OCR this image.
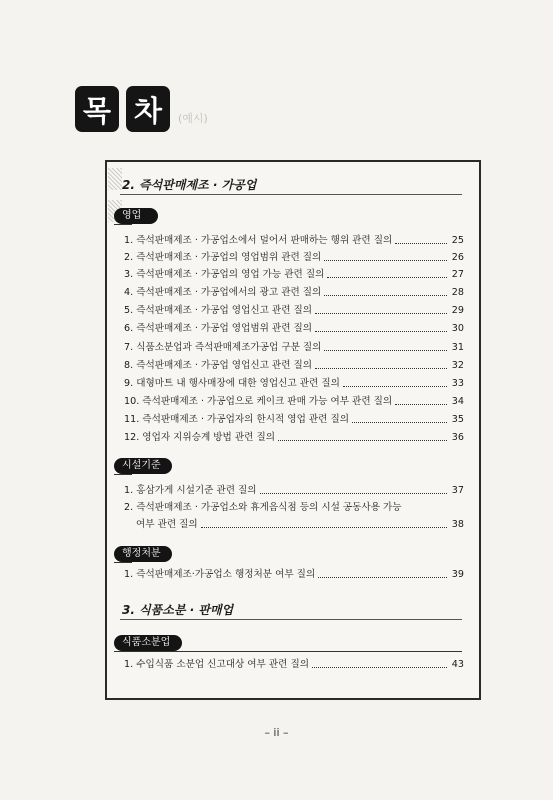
목 차	(예시)
2. 즉석판매제조 · 가공업
영업
1. 즉석판매제조 · 가공업소에서 덜어서 판매하는 행위 관련 질의	25
2. 즉석판매제조 · 가공업의 영업범위 관련 질의	26
3. 즉석판매제조 · 가공업의 영업 가능 관련 질의	27
4. 즉석판매제조 · 가공업에서의 광고 관련 질의	28
5. 즉석판매제조 · 가공업 영업신고 관련 질의	29
6. 즉석판매제조 · 가공업 영업범위 관련 질의	30
7. 식품소분업과 즉석판매제조가공업 구분 질의	31
8. 즉석판매제조 · 가공업 영업신고 관련 질의	32
9. 대형마트 내 행사매장에 대한 영업신고 관련 질의	33
10. 즉석판매제조 · 가공업으로 케이크 판매 가능 여부 관련 질의	34
11. 즉석판매제조 · 가공업자의 한시적 영업 관련 질의	35
12. 영업자 지위승계 방법 관련 질의	36
시설기준
1. 홍삼가게 시설기준 관련 질의	37
2. 즉석판매제조 · 가공업소와 휴게음식점 등의 시설 공동사용 가능
여부 관련 질의	38
행정처분
1. 즉석판매제조·가공업소 행정처분 여부 질의	39
3. 식품소분 · 판매업
식품소분업
1. 수입식품 소분업 신고대상 여부 관련 질의	43
– ii –
